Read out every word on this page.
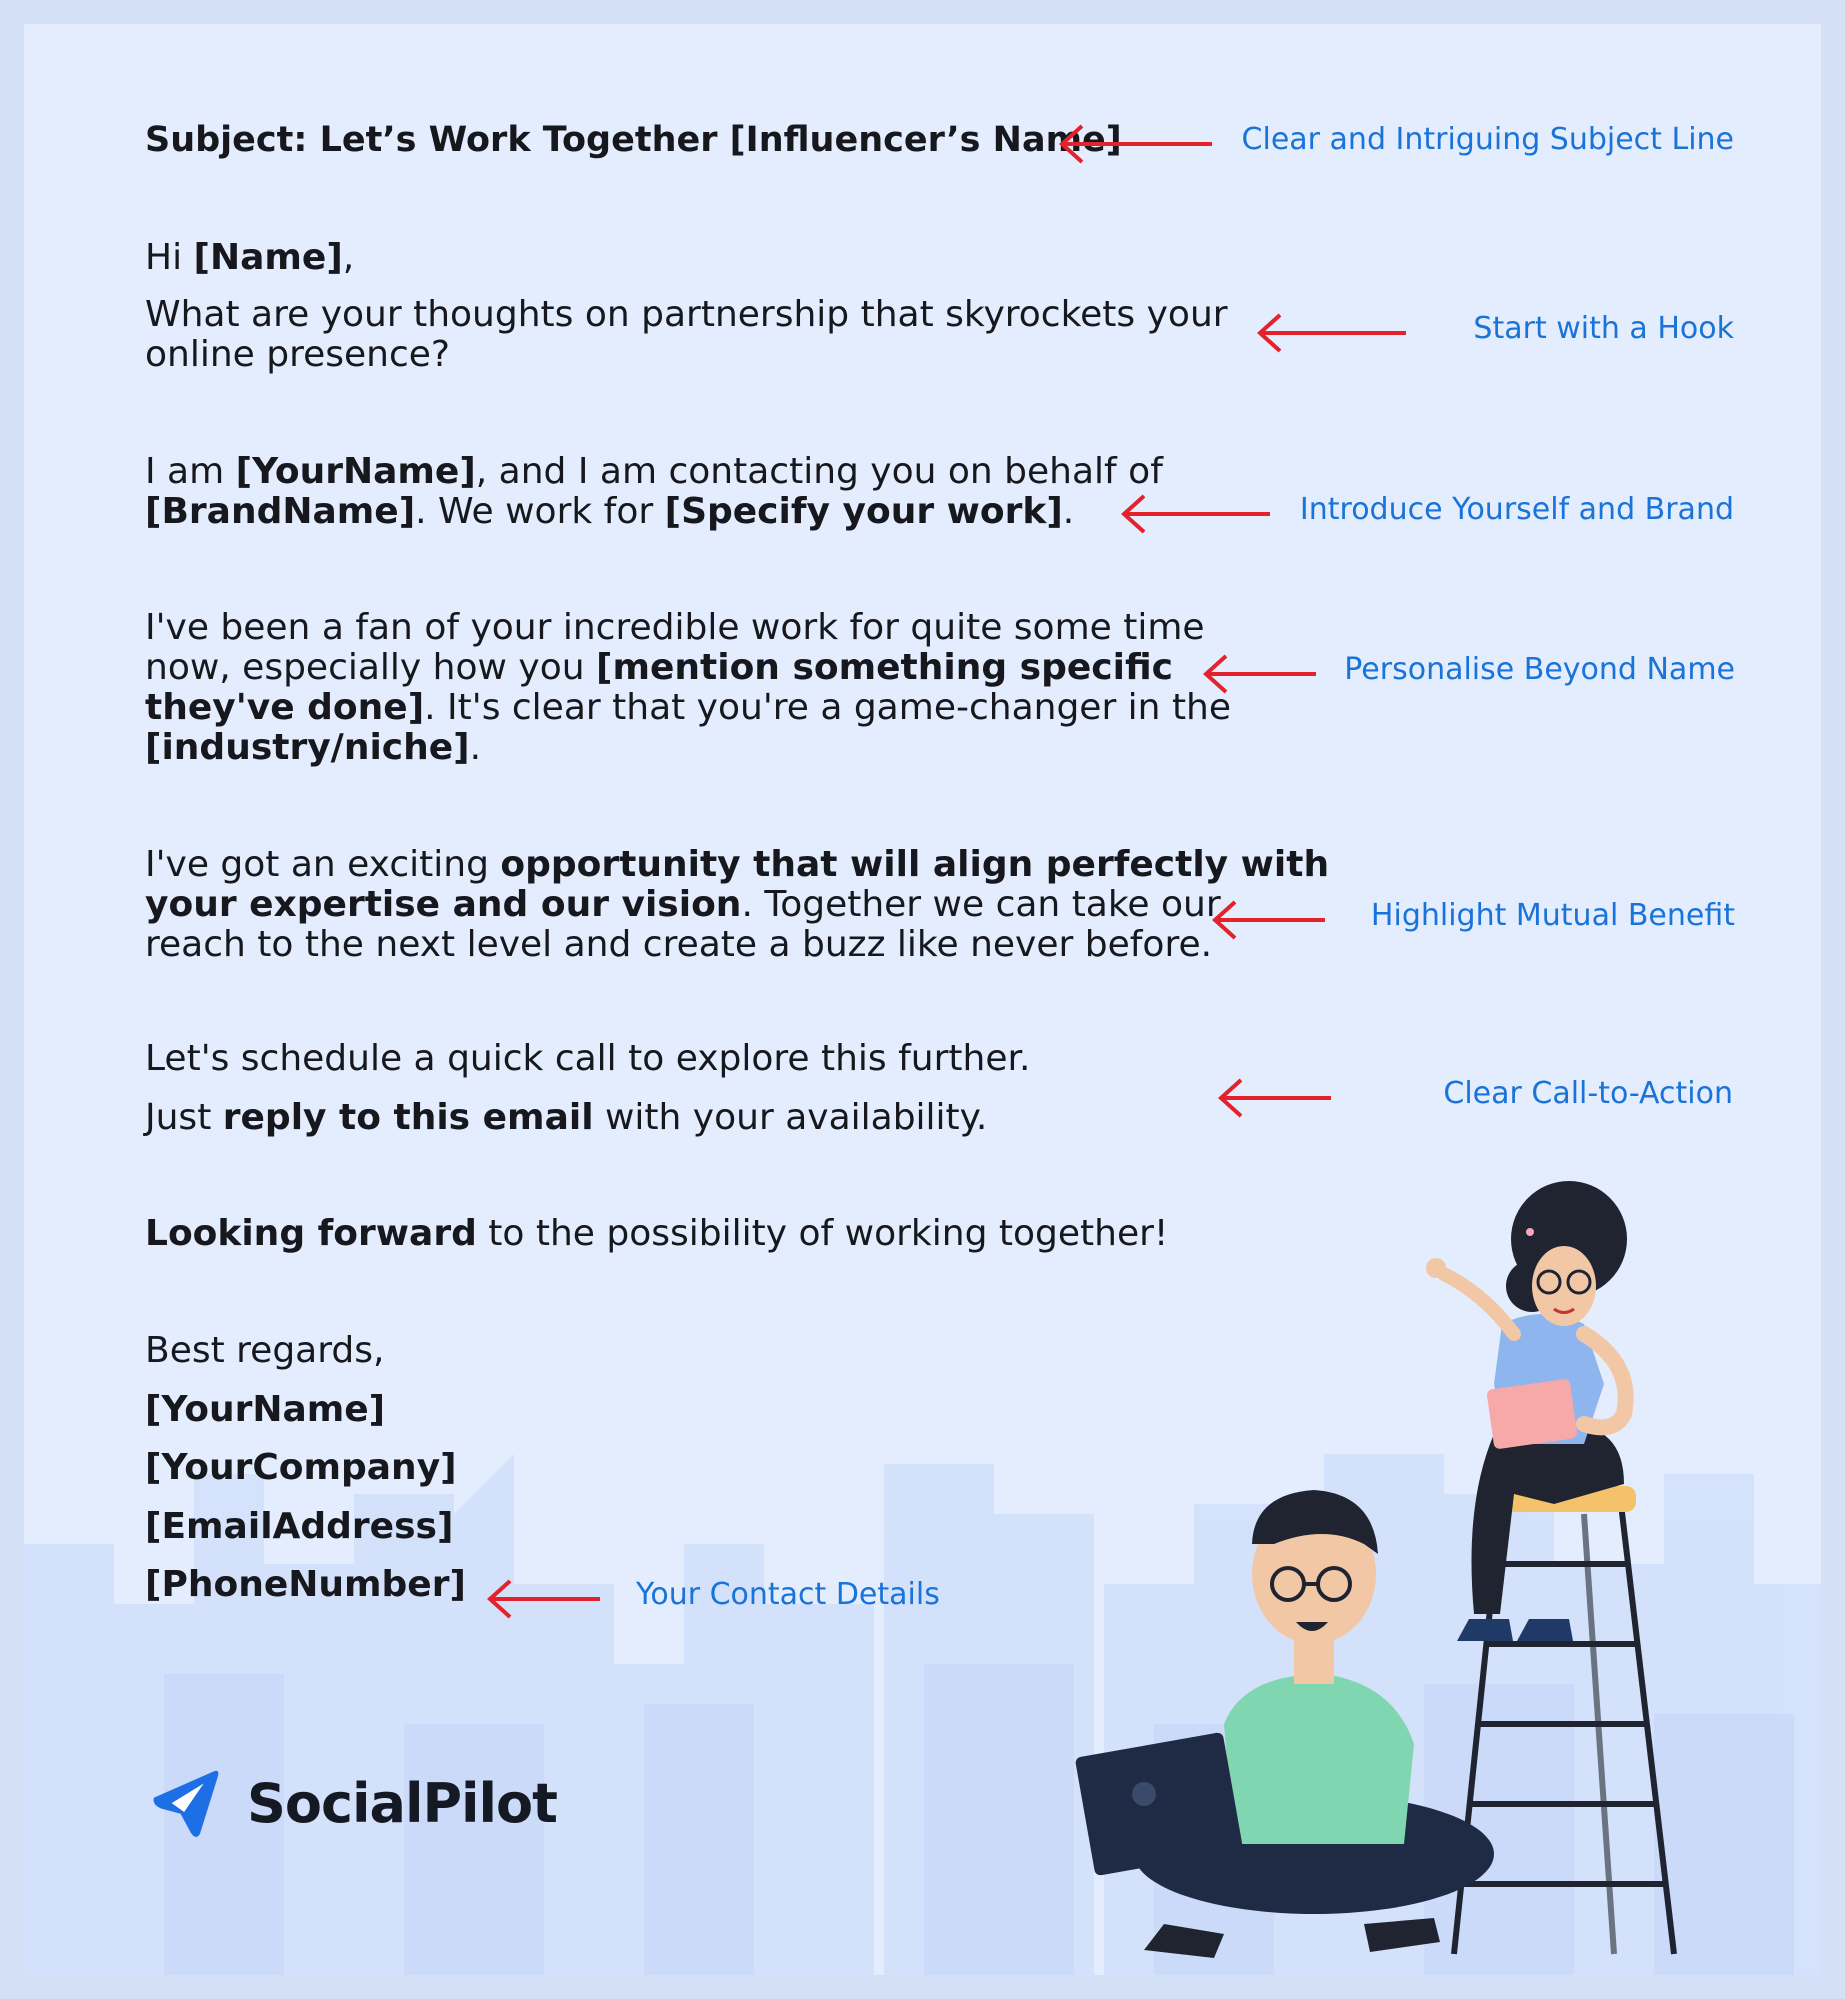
Subject: Let’s Work Together [Influencer’s Name]
Hi [Name],
What are your thoughts on partnership that skyrockets your
online presence?
I am [YourName], and I am contacting you on behalf of
[BrandName]. We work for [Specify your work].
I've been a fan of your incredible work for quite some time
now, especially how you [mention something specific
they've done]. It's clear that you're a game-changer in the
[industry/niche].
I've got an exciting opportunity that will align perfectly with
your expertise and our vision. Together we can take our
reach to the next level and create a buzz like never before.
Let's schedule a quick call to explore this further.
Just reply to this email with your availability.
Looking forward to the possibility of working together!
Best regards,
[YourName]
[YourCompany]
[EmailAddress]
[PhoneNumber]
Clear and Intriguing Subject Line
Start with a Hook
Introduce Yourself and Brand
Personalise Beyond Name
Highlight Mutual Benefit
Clear Call-to-Action
Your Contact Details
SocialPilot
